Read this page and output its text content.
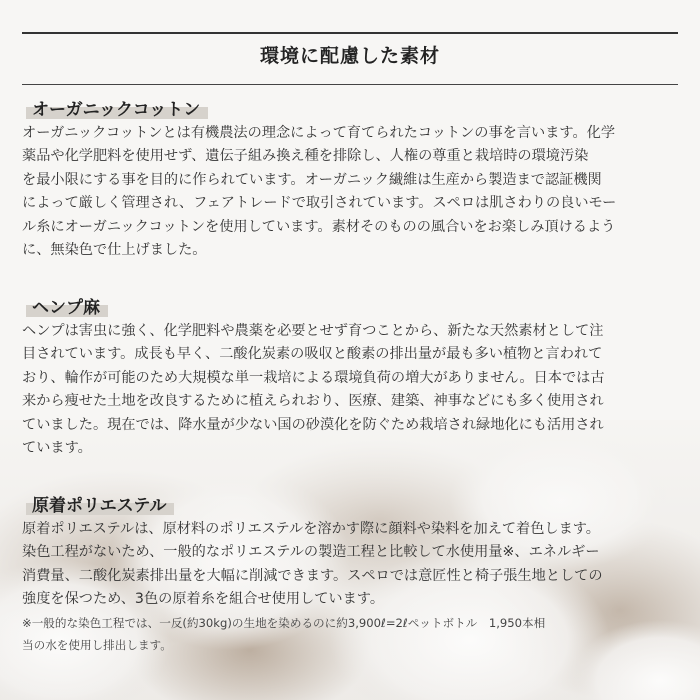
環境に配慮した素材
オーガニックコットン

オーガニックコットンとは有機農法の理念によって育てられたコットンの事を言います。化学

薬品や化学肥料を使用せず、遺伝子組み換え種を排除し、人権の尊重と栽培時の環境汚染

を最小限にする事を目的に作られています。オーガニック繊維は生産から製造まで認証機関

によって厳しく管理され、フェアトレードで取引されています。スペロは肌さわりの良いモー

ル糸にオーガニックコットンを使用しています。素材そのものの風合いをお楽しみ頂けるよう

に、無染色で仕上げました。

ヘンプ麻

ヘンプは害虫に強く、化学肥料や農薬を必要とせず育つことから、新たな天然素材として注

目されています。成長も早く、二酸化炭素の吸収と酸素の排出量が最も多い植物と言われて

おり、輪作が可能のため大規模な単一栽培による環境負荷の増大がありません。日本では古

来から痩せた土地を改良するために植えられおり、医療、建築、神事などにも多く使用され

ていました。現在では、降水量が少ない国の砂漠化を防ぐため栽培され緑地化にも活用され

ています。

原着ポリエステル

原着ポリエステルは、原材料のポリエステルを溶かす際に顔料や染料を加えて着色します。

染色工程がないため、一般的なポリエステルの製造工程と比較して水使用量※、エネルギー

消費量、二酸化炭素排出量を大幅に削減できます。スペロでは意匠性と椅子張生地としての

強度を保つため、3色の原着糸を組合せ使用しています。

※一般的な染色工程では、一反(約30kg)の生地を染めるのに約3,900ℓ=2ℓペットボトル　1,950本相

当の水を使用し排出します。
